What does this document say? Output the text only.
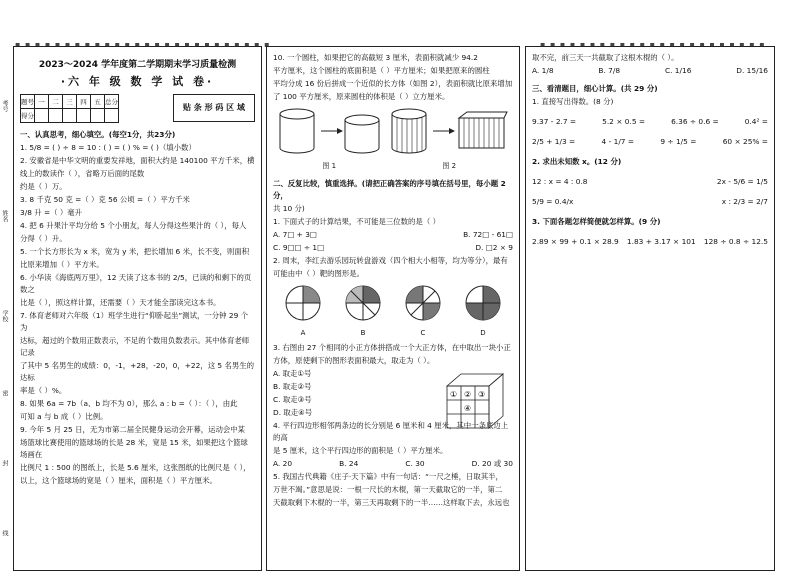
▪ ▪ ▪ ▪ ▪ ▪ ▪ ▪ ▪ ▪ ▪ ▪ ▪ ▪ ▪ ▪ ▪ ▪ ▪ ▪ ▪ ▪ ▪ ▪ ▪ ▪	▪ ▪ ▪ ▪ ▪ ▪ ▪ ▪ ▪ ▪ ▪ ▪ ▪ ▪ ▪ ▪ ▪ ▪ ▪ ▪ ▪ ▪ ▪
考号
姓名
学校
密
封
线
2023～2024 学年度第二学期期末学习质量检测
·六 年 级 数 学 试 卷·
题号	一	二	三	四	五	总分
得分						
贴 条 形 码 区 域
一、认真思考，细心填空。(每空1分，共23分)
1. 5/8 = ( ) ÷ 8 = 10 : ( ) = ( ) % = ( )（填小数）
2. 安徽省是中华文明的重要发祥地，面积大约是 140100 平方千米，横
线上的数读作（ ），省略万后面的尾数
约是（ ）万。
3. 8 千克 50 克 =（ ）克 56 公顷 =（ ）平方千米
3/8 升 =（ ）毫升
4. 把 6 升果汁平均分给 5 个小朋友，每人分得这些果汁的（ ），每人
分得（ ）升。
5. 一个长方形长为 x 米，宽为 y 米，把长增加 6 米，长不变，则面积
比原来增加（ ）平方米。
6. 小华读《海底两万里》，12 天读了这本书的 2/5，已读的和剩下的页数之
比是（ ），照这样计算，还需要（ ）天才能全部读完这本书。
7. 体育老师对六年级（1）班学生进行“仰卧起坐”测试，一分钟 29 个为
达标，超过的个数用正数表示，不足的个数用负数表示。其中体育老师记录
了其中 5 名男生的成绩：0，-1，+28，-20，0，+22，这 5 名男生的达标
率是（ ）%。
8. 如果 6a = 7b（a、b 均不为 0），那么 a : b =（ ）：（ ），由此
可知 a 与 b 成（ ）比例。
9. 今年 5 月 25 日，无为市第二届全民健身运动会开幕，运动会中某
场篮球比赛使用的篮球场的长是 28 米，宽是 15 米，如果把这个篮球场画在
比例尺 1 : 500 的图纸上，长是 5.6 厘米，这张图纸的比例尺是（ ），
以上，这个篮球场的宽是（ ）厘米，面积是（ ）平方厘米。
10. 一个圆柱，如果把它的高截短 3 厘米，表面积就减少 94.2
平方厘米，这个圆柱的底面积是（ ）平方厘米；如果把原来的圆柱
平均分成 16 份后拼成一个近似的长方体（如图 2），表面积就比原来增加
了 100 平方厘米，原来圆柱的体积是（ ）立方厘米。
图 1	图 2
二、反复比较，慎重选择。(请把正确答案的序号填在括号里，每小题 2 分，
共 10 分)
1. 下面式子的计算结果，不可能是三位数的是（ ）
A. 7□ + 3□	B. 72□ - 61□
C. 9□□ ÷ 1□	D. □2 × 9
2. 周末，李红去游乐园玩转盘游戏（四个相大小相等，均为等分），最有
可能由中（ ）靶的图形是。
A	B	C	D
3. 右图由 27 个相同的小正方体拼搭成一个大正方体，在中取出一块小正
方体，原使剩下的图形表面积最大，取走为（ ）。
A. 取走①号
B. 取走②号
C. 取走③号
D. 取走④号
4. 平行四边形相邻两条边的长分别是 6 厘米和 4 厘米，其中一条底边上的高
是 5 厘米，这个平行四边形的面积是（ ）平方厘米。
A. 20	B. 24	C. 30	D. 20 或 30
5. 我国古代典籍《庄子·天下篇》中有一句话：“一尺之棰，日取其半，
万世不竭。”意思是说：一根一尺长的木棍，第一天截取它的一半，第二
天截取剩下木棍的一半，第三天再取剩下的一半……这样取下去，永远也
① ② ③
④
取不完，前三天一共截取了这根木棍的（ ）。
A. 1/8	B. 7/8	C. 1/16	D. 15/16
三、看清题目，细心计算。(共 29 分)
1. 直接写出得数。(8 分)
9.37 - 2.7 =	5.2 × 0.5 =	6.36 ÷ 0.6 =	0.4² =
2/5 + 1/3 =	4 - 1/7 =	9 ÷ 1/5 =	60 × 25% =
2. 求出未知数 x。(12 分)
12 : x = 4 : 0.8	2x - 5/6 = 1/5
5/9 = 0.4/x	x : 2/3 = 2/7
3. 下面各题怎样简便就怎样算。(9 分)
2.89 × 99 + 0.1 × 28.9 1.83 + 3.17 × 101 128 ÷ 0.8 ÷ 12.5
